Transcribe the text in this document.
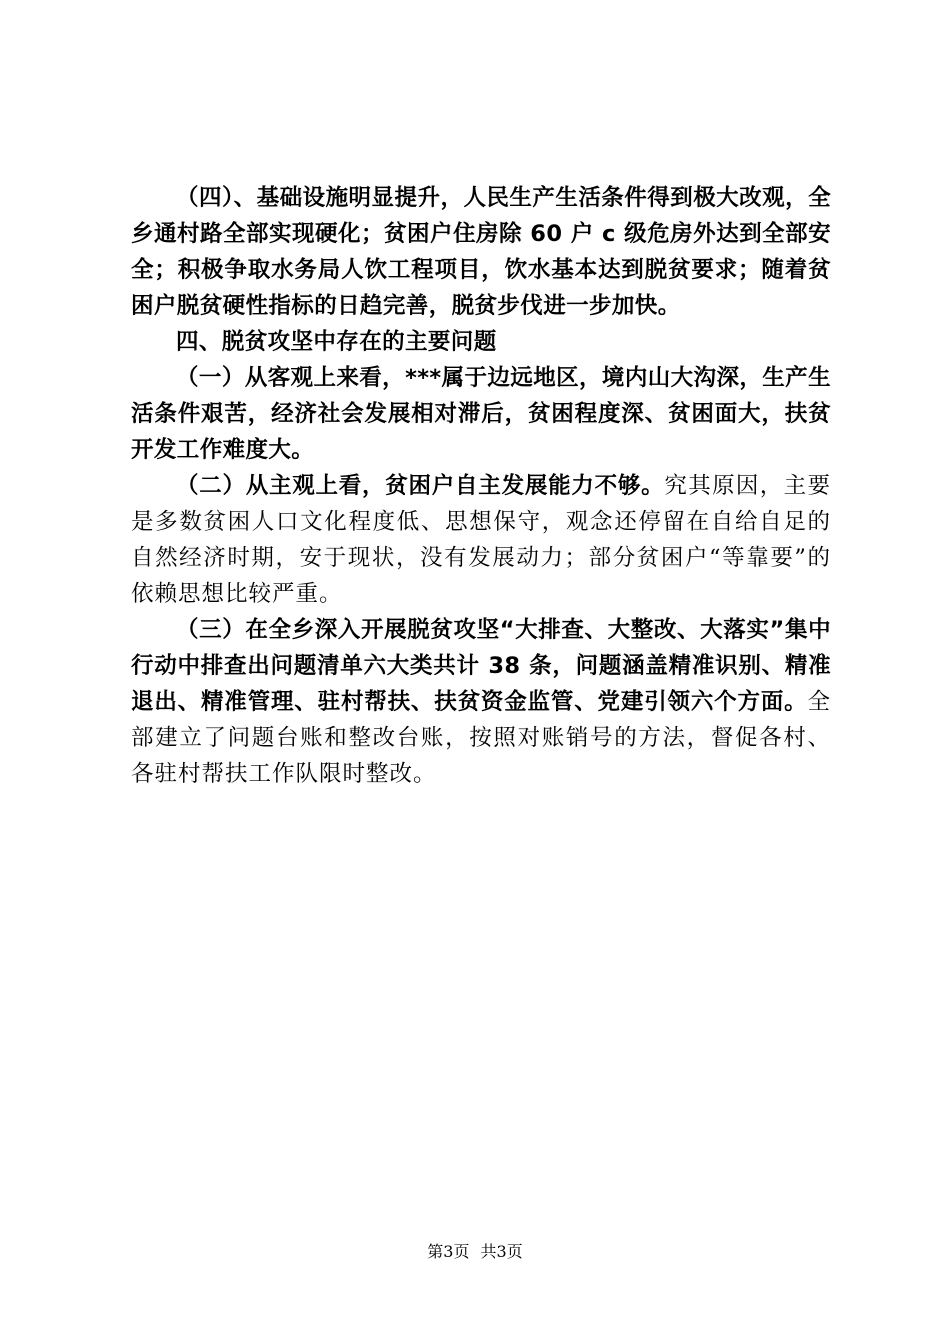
（四）、基础设施明显提升，人民生产生活条件得到极大改观，全乡通村路全部实现硬化；贫困户住房除 60 户 c 级危房外达到全部安全；积极争取水务局人饮工程项目，饮水基本达到脱贫要求；随着贫困户脱贫硬性指标的日趋完善，脱贫步伐进一步加快。

四、脱贫攻坚中存在的主要问题

（一）从客观上来看，***属于边远地区，境内山大沟深，生产生活条件艰苦，经济社会发展相对滞后，贫困程度深、贫困面大，扶贫开发工作难度大。

（二）从主观上看，贫困户自主发展能力不够。究其原因，主要是多数贫困人口文化程度低、思想保守，观念还停留在自给自足的自然经济时期，安于现状，没有发展动力；部分贫困户“等靠要”的依赖思想比较严重。

（三）在全乡深入开展脱贫攻坚“大排查、大整改、大落实”集中行动中排查出问题清单六大类共计 38 条，问题涵盖精准识别、精准退出、精准管理、驻村帮扶、扶贫资金监管、党建引领六个方面。全部建立了问题台账和整改台账，按照对账销号的方法，督促各村、各驻村帮扶工作队限时整改。

第3页 共3页
